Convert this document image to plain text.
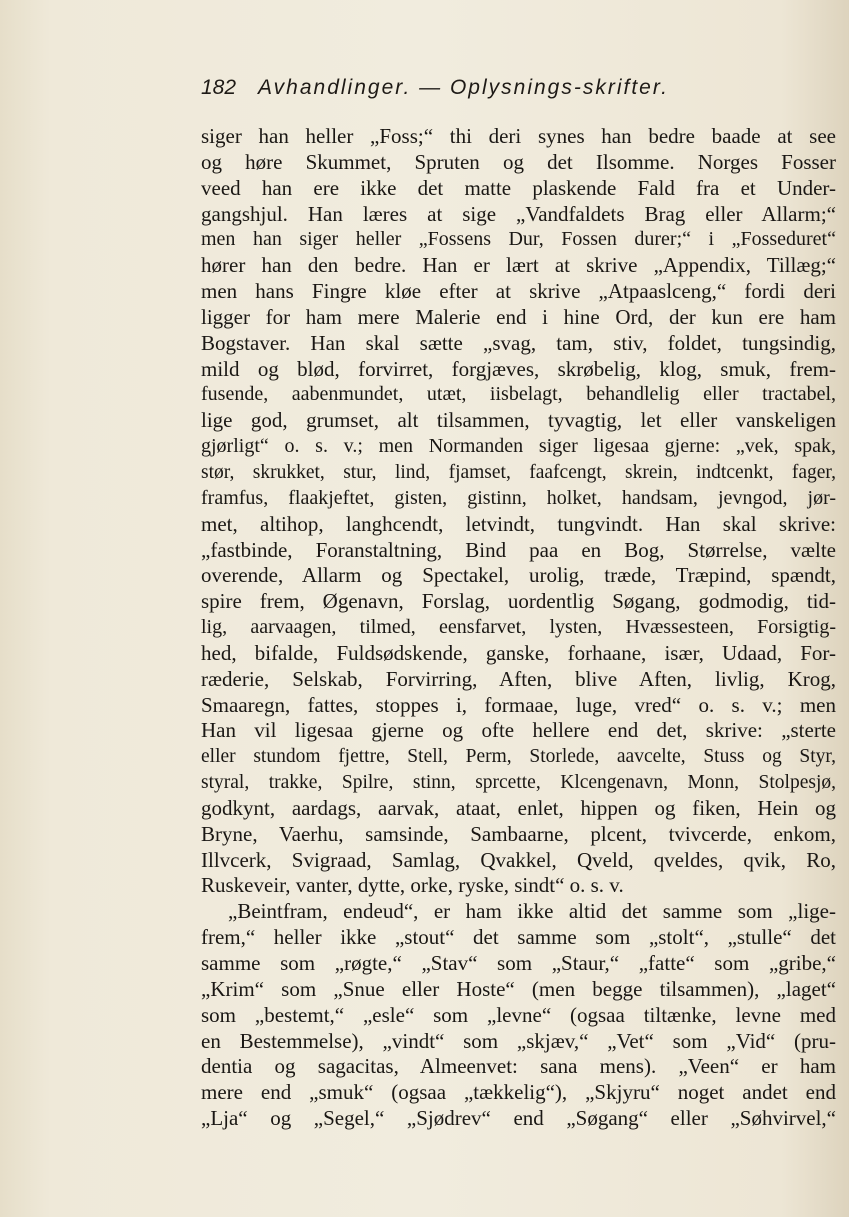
182 Avhandlinger. — Oplysnings-skrifter.
siger han heller „Foss;“ thi deri synes han bedre baade at see
og høre Skummet, Spruten og det Ilsomme. Norges Fosser
veed han ere ikke det matte plaskende Fald fra et Under-
gangshjul. Han læres at sige „Vandfaldets Brag eller Allarm;“
men han siger heller „Fossens Dur, Fossen durer;“ i „Fosseduret“
hører han den bedre. Han er lært at skrive „Appendix, Tillæg;“
men hans Fingre kløe efter at skrive „Atpaaslceng,“ fordi deri
ligger for ham mere Malerie end i hine Ord, der kun ere ham
Bogstaver. Han skal sætte „svag, tam, stiv, foldet, tungsindig,
mild og blød, forvirret, forgjæves, skrøbelig, klog, smuk, frem-
fusende, aabenmundet, utæt, iisbelagt, behandlelig eller tractabel,
lige god, grumset, alt tilsammen, tyvagtig, let eller vanskeligen
gjørligt“ o. s. v.; men Normanden siger ligesaa gjerne: „vek, spak,
stør, skrukket, stur, lind, fjamset, faafcengt, skrein, indtcenkt, fager,
framfus, flaakjeftet, gisten, gistinn, holket, handsam, jevngod, jør-
met, altihop, langhcendt, letvindt, tungvindt. Han skal skrive:
„fastbinde, Foranstaltning, Bind paa en Bog, Størrelse, vælte
overende, Allarm og Spectakel, urolig, træde, Træpind, spændt,
spire frem, Øgenavn, Forslag, uordentlig Søgang, godmodig, tid-
lig, aarvaagen, tilmed, eensfarvet, lysten, Hvæssesteen, Forsigtig-
hed, bifalde, Fuldsødskende, ganske, forhaane, især, Udaad, For-
ræderie, Selskab, Forvirring, Aften, blive Aften, livlig, Krog,
Smaaregn, fattes, stoppes i, formaae, luge, vred“ o. s. v.; men
Han vil ligesaa gjerne og ofte hellere end det, skrive: „sterte
eller stundom fjettre, Stell, Perm, Storlede, aavcelte, Stuss og Styr,
styral, trakke, Spilre, stinn, sprcette, Klcengenavn, Monn, Stolpesjø,
godkynt, aardags, aarvak, ataat, enlet, hippen og fiken, Hein og
Bryne, Vaerhu, samsinde, Sambaarne, plcent, tvivcerde, enkom,
Illvcerk, Svigraad, Samlag, Qvakkel, Qveld, qveldes, qvik, Ro,
Ruskeveir, vanter, dytte, orke, ryske, sindt“ o. s. v.
„Beintfram, endeud“, er ham ikke altid det samme som „lige-
frem,“ heller ikke „stout“ det samme som „stolt“, „stulle“ det
samme som „røgte,“ „Stav“ som „Staur,“ „fatte“ som „gribe,“
„Krim“ som „Snue eller Hoste“ (men begge tilsammen), „laget“
som „bestemt,“ „esle“ som „levne“ (ogsaa tiltænke, levne med
en Bestemmelse), „vindt“ som „skjæv,“ „Vet“ som „Vid“ (pru-
dentia og sagacitas, Almeenvet: sana mens). „Veen“ er ham
mere end „smuk“ (ogsaa „tækkelig“), „Skjyru“ noget andet end
„Lja“ og „Segel,“ „Sjødrev“ end „Søgang“ eller „Søhvirvel,“
